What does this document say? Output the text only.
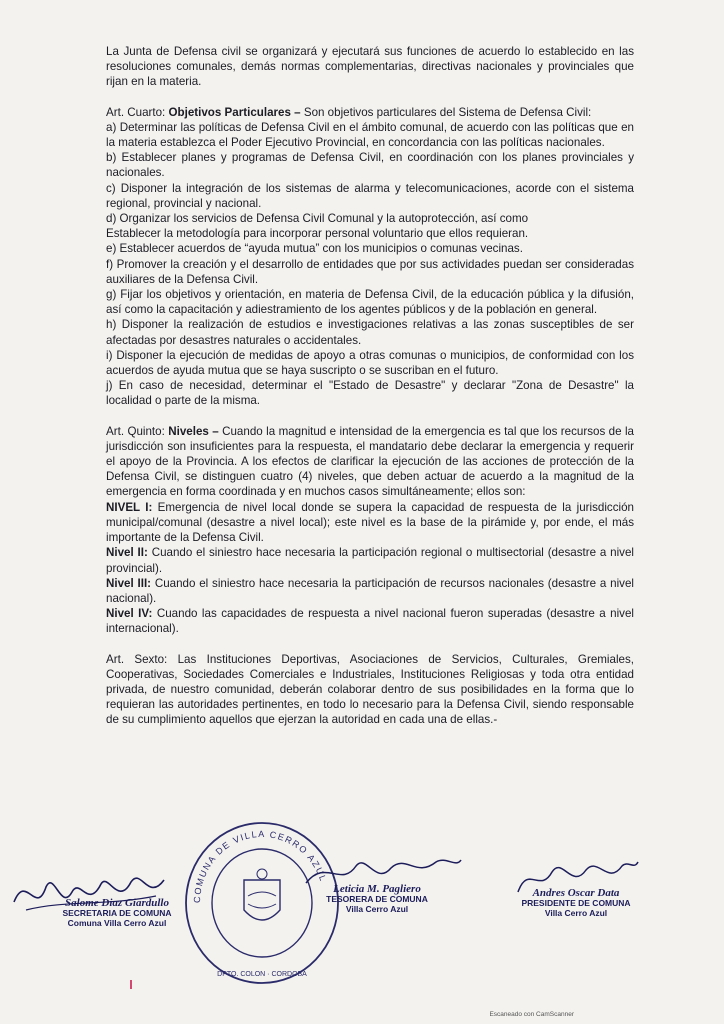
La Junta de Defensa civil se organizará y ejecutará sus funciones de acuerdo lo establecido en las resoluciones comunales, demás normas complementarias, directivas nacionales y provinciales que rijan en la materia.

Art. Cuarto: Objetivos Particulares – Son objetivos particulares del Sistema de Defensa Civil:

a) Determinar las políticas de Defensa Civil en el ámbito comunal, de acuerdo con las políticas que en la materia establezca el Poder Ejecutivo Provincial, en concordancia con las políticas nacionales.

b) Establecer planes y programas de Defensa Civil, en coordinación con los planes provinciales y nacionales.

c) Disponer la integración de los sistemas de alarma y telecomunicaciones, acorde con el sistema regional, provincial y nacional.

d) Organizar los servicios de Defensa Civil Comunal y la autoprotección, así como

Establecer la metodología para incorporar personal voluntario que ellos requieran.

e) Establecer acuerdos de “ayuda mutua” con los municipios o comunas vecinas.

f) Promover la creación y el desarrollo de entidades que por sus actividades puedan ser consideradas auxiliares de la Defensa Civil.

g) Fijar los objetivos y orientación, en materia de Defensa Civil, de la educación pública y la difusión, así como la capacitación y adiestramiento de los agentes públicos y de la población en general.

h) Disponer la realización de estudios e investigaciones relativas a las zonas susceptibles de ser afectadas por desastres naturales o accidentales.

i) Disponer la ejecución de medidas de apoyo a otras comunas o municipios, de conformidad con los acuerdos de ayuda mutua que se haya suscripto o se suscriban en el futuro.

j) En caso de necesidad, determinar el "Estado de Desastre" y declarar "Zona de Desastre" la localidad o parte de la misma.

Art. Quinto: Niveles – Cuando la magnitud e intensidad de la emergencia es tal que los recursos de la jurisdicción son insuficientes para la respuesta, el mandatario debe declarar la emergencia y requerir el apoyo de la Provincia. A los efectos de clarificar la ejecución de las acciones de protección de la Defensa Civil, se distinguen cuatro (4) niveles, que deben actuar de acuerdo a la magnitud de la emergencia en forma coordinada y en muchos casos simultáneamente; ellos son:

NIVEL I: Emergencia de nivel local donde se supera la capacidad de respuesta de la jurisdicción municipal/comunal (desastre a nivel local); este nivel es la base de la pirámide y, por ende, el más importante de la Defensa Civil.

Nivel II: Cuando el siniestro hace necesaria la participación regional o multisectorial (desastre a nivel provincial).

Nivel III: Cuando el siniestro hace necesaria la participación de recursos nacionales (desastre a nivel nacional).

Nivel IV: Cuando las capacidades de respuesta a nivel nacional fueron superadas (desastre a nivel internacional).

Art. Sexto: Las Instituciones Deportivas, Asociaciones de Servicios, Culturales, Gremiales, Cooperativas, Sociedades Comerciales e Industriales, Instituciones Religiosas y toda otra entidad privada, de nuestro comunidad, deberán colaborar dentro de sus posibilidades en la forma que lo requieran las autoridades pertinentes, en todo lo necesario para la Defensa Civil, siendo responsable de su cumplimiento aquellos que ejerzan la autoridad en cada una de ellas.-

COMUNA DE VILLA CERRO AZUL
DPTO. COLON · CORDOBA
Salome Diaz Giardullo
SECRETARIA DE COMUNA
Comuna Villa Cerro Azul
Leticia M. Pagliero
TESORERA DE COMUNA
Villa Cerro Azul
Andres Oscar Data
PRESIDENTE DE COMUNA
Villa Cerro Azul
Escaneado con CamScanner
